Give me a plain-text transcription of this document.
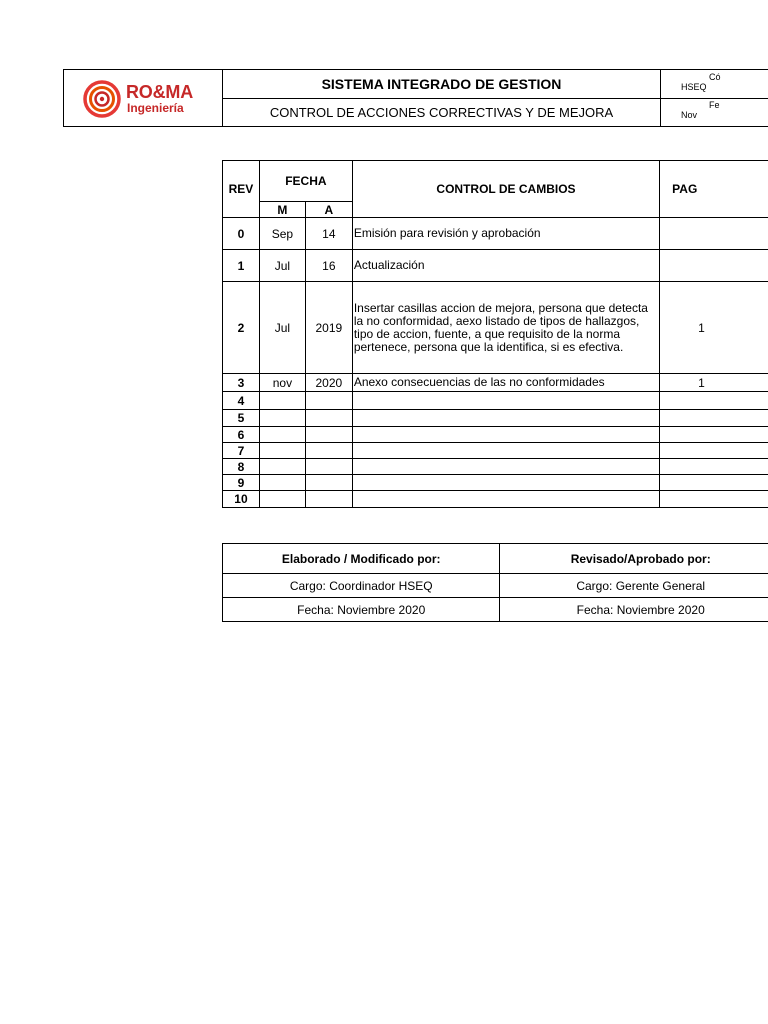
RO&MA
Ingeniería
SISTEMA INTEGRADO DE GESTION
CONTROL DE ACCIONES CORRECTIVAS Y DE MEJORA
Có
HSEQ
Fe
Nov
REV	FECHA		CONTROL DE CAMBIOS	PAG
	M	A		
0	Sep	14	Emisión para revisión y aprobación	
1	Jul	16	Actualización	
2	Jul	2019	Insertar casillas accion de mejora, persona que detecta la no conformidad, aexo listado de tipos de hallazgos, tipo de accion, fuente, a que requisito de la norma pertenece, persona que la identifica, si es efectiva.	1
3	nov	2020	Anexo consecuencias de las no conformidades	1
4				
5				
6				
7				
8				
9				
10				
Elaborado / Modificado por:	Revisado/Aprobado por:
Cargo: Coordinador HSEQ	Cargo: Gerente General
Fecha: Noviembre 2020	Fecha: Noviembre 2020
